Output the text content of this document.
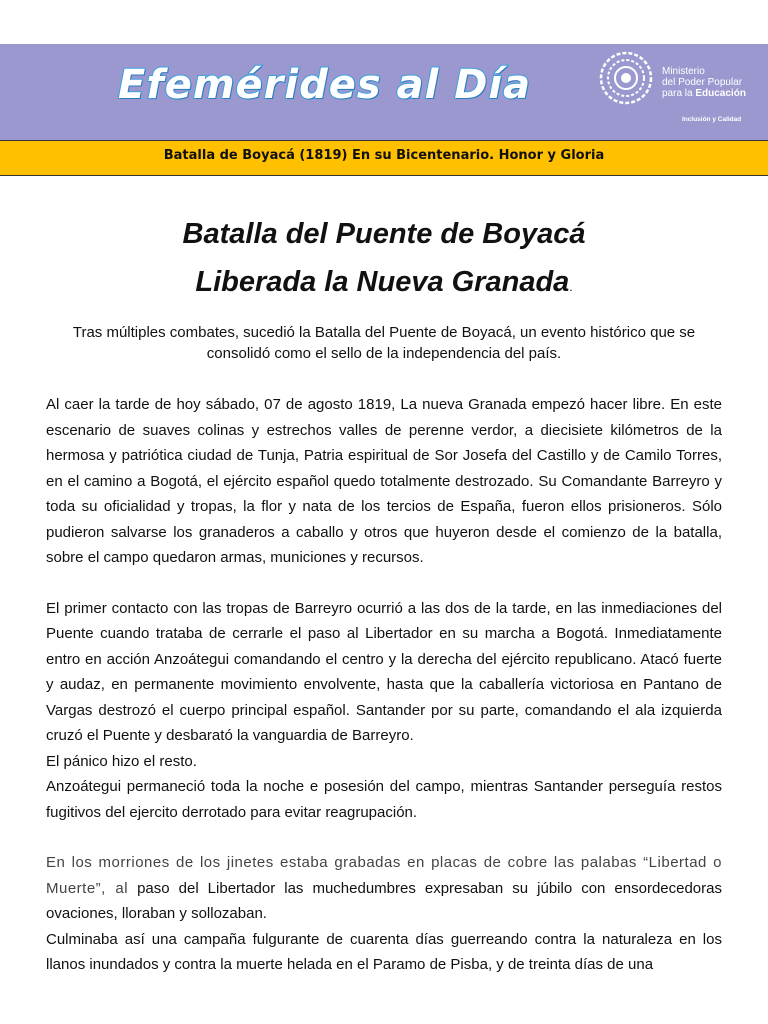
Efemérides al Día	Ministerio
del Poder Popular
para la Educación
Inclusión y Calidad
Batalla de Boyacá (1819) En su Bicentenario. Honor y Gloria
Batalla del Puente de Boyacá
Liberada la Nueva Granada.
Tras múltiples combates, sucedió la Batalla del Puente de Boyacá, un evento histórico que se consolidó como el sello de la independencia del país.

Al caer la tarde de hoy sábado, 07 de agosto 1819, La nueva Granada empezó hacer libre. En este escenario de suaves colinas y estrechos valles de perenne verdor, a diecisiete kilómetros de la hermosa y patriótica ciudad de Tunja, Patria espiritual de Sor Josefa del Castillo y de Camilo Torres, en el camino a Bogotá, el ejército español quedo totalmente destrozado. Su Comandante Barreyro y toda su oficialidad y tropas, la flor y nata de los tercios de España, fueron ellos prisioneros. Sólo pudieron salvarse los granaderos a caballo y otros que huyeron desde el comienzo de la batalla, sobre el campo quedaron armas, municiones y recursos.

El primer contacto con las tropas de Barreyro ocurrió a las dos de la tarde, en las inmediaciones del Puente cuando trataba de cerrarle el paso al Libertador en su marcha a Bogotá. Inmediatamente entro en acción Anzoátegui comandando el centro y la derecha del ejército republicano. Atacó fuerte y audaz, en permanente movimiento envolvente, hasta que la caballería victoriosa en Pantano de Vargas destrozó el cuerpo principal español. Santander por su parte, comandando el ala izquierda cruzó el Puente y desbarató la vanguardia de Barreyro.

El pánico hizo el resto.

Anzoátegui permaneció toda la noche e posesión del campo, mientras Santander perseguía restos fugitivos del ejercito derrotado para evitar reagrupación.

En los morriones de los jinetes estaba grabadas en placas de cobre las palabas “Libertad o Muerte”, al paso del Libertador las muchedumbres expresaban su júbilo con ensordecedoras ovaciones, lloraban y sollozaban.

Culminaba así una campaña fulgurante de cuarenta días guerreando contra la naturaleza en los llanos inundados y contra la muerte helada en el Paramo de Pisba, y de treinta días de una
